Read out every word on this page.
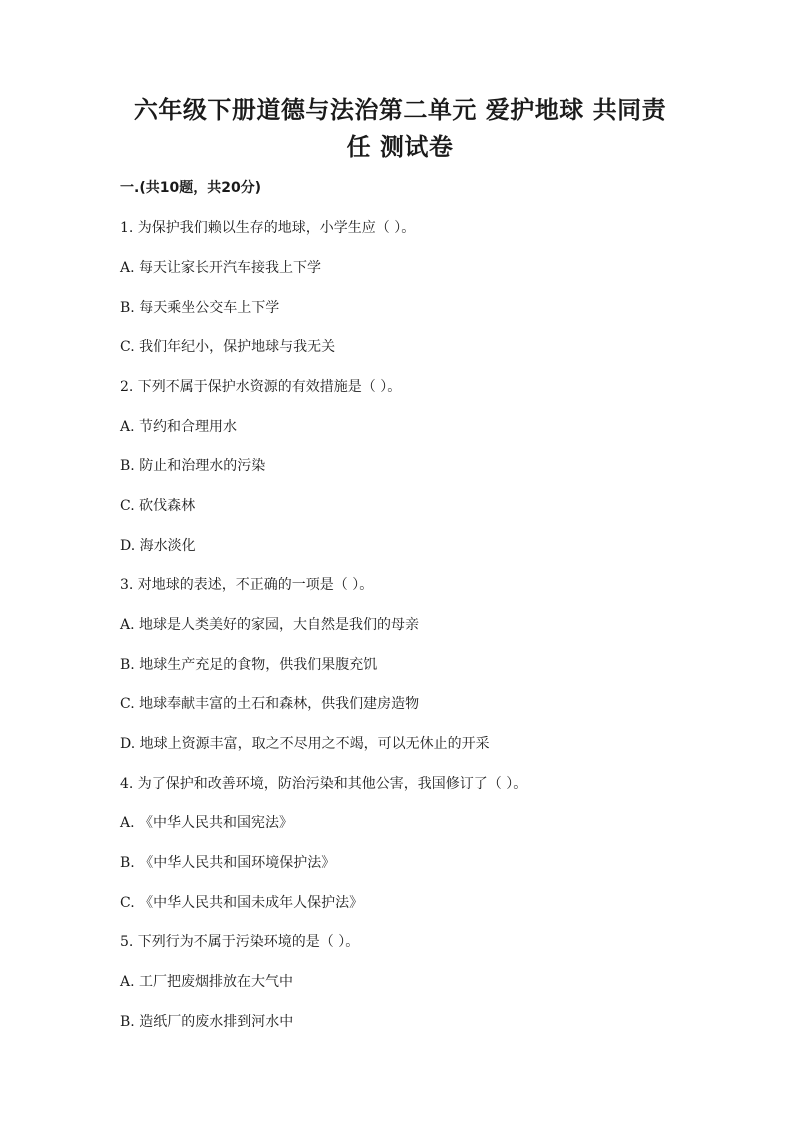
六年级下册道德与法治第二单元 爱护地球 共同责
任 测试卷
一.(共10题，共20分)
1. 为保护我们赖以生存的地球，小学生应（ ）。
A. 每天让家长开汽车接我上下学
B. 每天乘坐公交车上下学
C. 我们年纪小，保护地球与我无关
2. 下列不属于保护水资源的有效措施是（ ）。
A. 节约和合理用水
B. 防止和治理水的污染
C. 砍伐森林
D. 海水淡化
3. 对地球的表述，不正确的一项是（ ）。
A. 地球是人类美好的家园，大自然是我们的母亲
B. 地球生产充足的食物，供我们果腹充饥
C. 地球奉献丰富的土石和森林，供我们建房造物
D. 地球上资源丰富，取之不尽用之不竭，可以无休止的开采
4. 为了保护和改善环境，防治污染和其他公害，我国修订了（ ）。
A. 《中华人民共和国宪法》
B. 《中华人民共和国环境保护法》
C. 《中华人民共和国未成年人保护法》
5. 下列行为不属于污染环境的是（ ）。
A. 工厂把废烟排放在大气中
B. 造纸厂的废水排到河水中
